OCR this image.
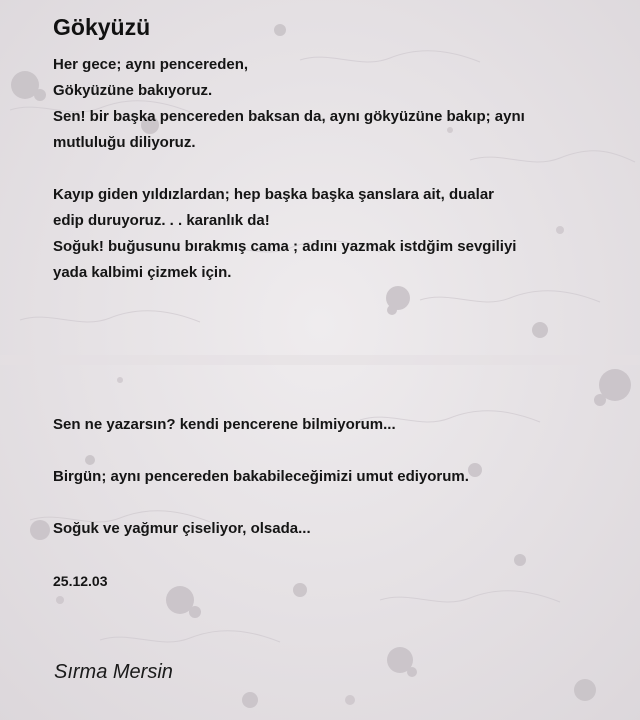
Gökyüzü
Her gece; aynı pencereden,
Gökyüzüne bakıyoruz.
Sen! bir başka pencereden baksan da, aynı gökyüzüne bakıp; aynı
mutluluğu diliyoruz.
Kayıp giden yıldızlardan; hep başka başka şanslara ait, dualar
edip duruyoruz. . . karanlık da!
Soğuk! buğusunu bırakmış cama ; adını yazmak istdğim sevgiliyi
yada kalbimi çizmek için.
Sen ne yazarsın? kendi pencerene bilmiyorum...
Birgün; aynı pencereden bakabileceğimizi umut ediyorum.
Soğuk ve yağmur çiseliyor, olsada...
25.12.03
Sırma Mersin
